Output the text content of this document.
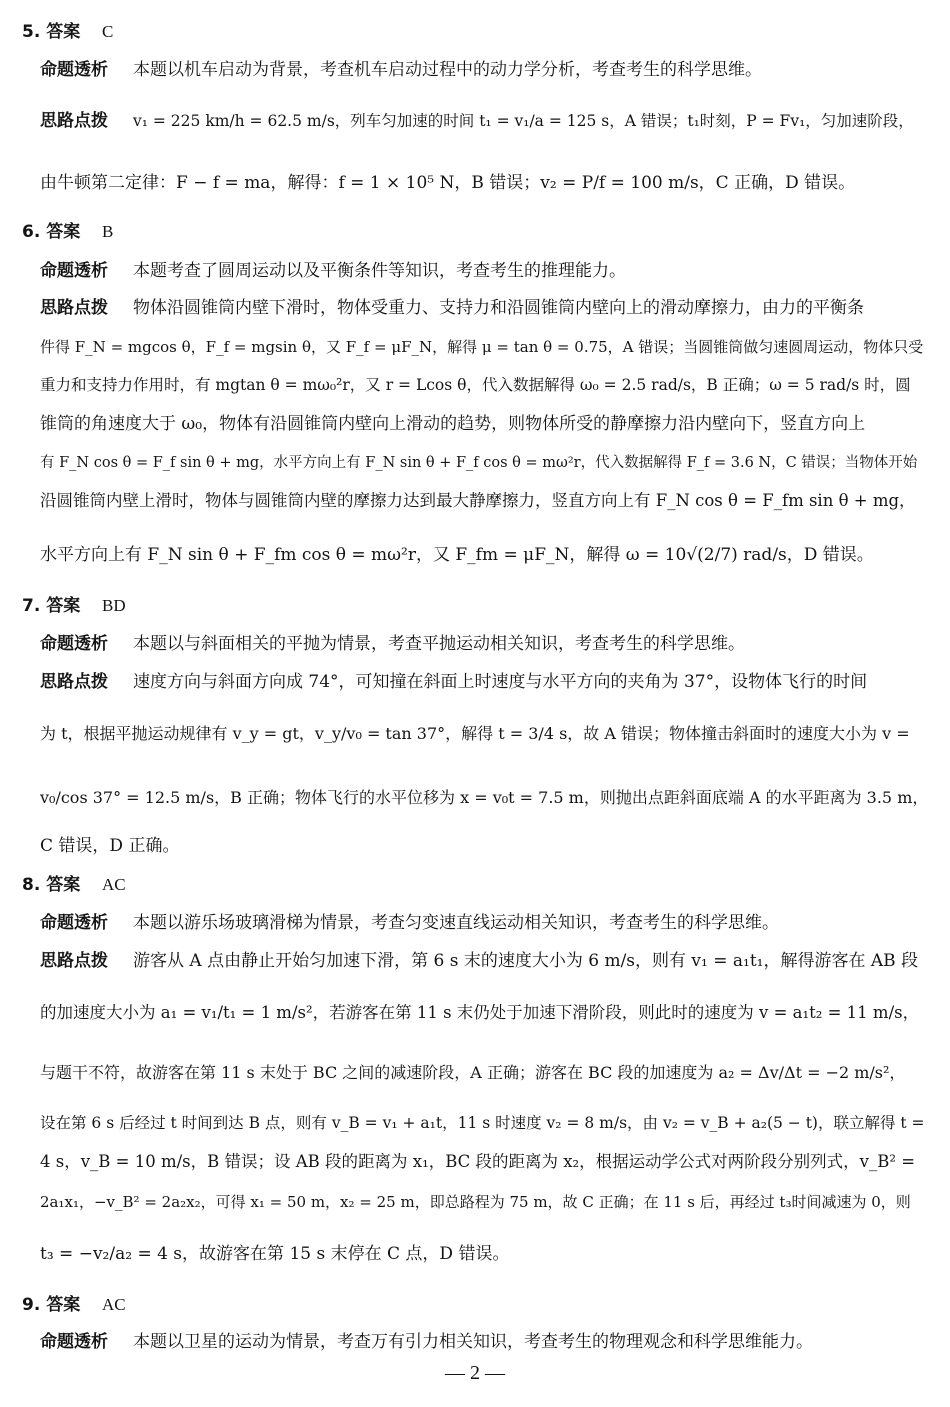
5. 答案 C
命题透析 本题以机车启动为背景，考查机车启动过程中的动力学分析，考查考生的科学思维。
思路点拨 v₁ = 225 km/h = 62.5 m/s，列车匀加速的时间 t₁ = v₁/a = 125 s，A 错误；t₁时刻，P = Fv₁，匀加速阶段，
由牛顿第二定律：F − f = ma，解得：f = 1 × 10⁵ N，B 错误；v₂ = P/f = 100 m/s，C 正确，D 错误。
6. 答案 B
命题透析 本题考查了圆周运动以及平衡条件等知识，考查考生的推理能力。
思路点拨 物体沿圆锥筒内壁下滑时，物体受重力、支持力和沿圆锥筒内壁向上的滑动摩擦力，由力的平衡条
件得 F_N = mgcos θ，F_f = mgsin θ，又 F_f = μF_N，解得 μ = tan θ = 0.75，A 错误；当圆锥筒做匀速圆周运动，物体只受
重力和支持力作用时，有 mgtan θ = mω₀²r，又 r = Lcos θ，代入数据解得 ω₀ = 2.5 rad/s，B 正确；ω = 5 rad/s 时，圆
锥筒的角速度大于 ω₀，物体有沿圆锥筒内壁向上滑动的趋势，则物体所受的静摩擦力沿内壁向下，竖直方向上
有 F_N cos θ = F_f sin θ + mg，水平方向上有 F_N sin θ + F_f cos θ = mω²r，代入数据解得 F_f = 3.6 N，C 错误；当物体开始
沿圆锥筒内壁上滑时，物体与圆锥筒内壁的摩擦力达到最大静摩擦力，竖直方向上有 F_N cos θ = F_fm sin θ + mg，
水平方向上有 F_N sin θ + F_fm cos θ = mω²r，又 F_fm = μF_N，解得 ω = 10√(2/7) rad/s，D 错误。
7. 答案 BD
命题透析 本题以与斜面相关的平抛为情景，考查平抛运动相关知识，考查考生的科学思维。
思路点拨 速度方向与斜面方向成 74°，可知撞在斜面上时速度与水平方向的夹角为 37°，设物体飞行的时间
为 t，根据平抛运动规律有 v_y = gt，v_y/v₀ = tan 37°，解得 t = 3/4 s，故 A 错误；物体撞击斜面时的速度大小为 v =
v₀/cos 37° = 12.5 m/s，B 正确；物体飞行的水平位移为 x = v₀t = 7.5 m，则抛出点距斜面底端 A 的水平距离为 3.5 m，
C 错误，D 正确。
8. 答案 AC
命题透析 本题以游乐场玻璃滑梯为情景，考查匀变速直线运动相关知识，考查考生的科学思维。
思路点拨 游客从 A 点由静止开始匀加速下滑，第 6 s 末的速度大小为 6 m/s，则有 v₁ = a₁t₁，解得游客在 AB 段
的加速度大小为 a₁ = v₁/t₁ = 1 m/s²，若游客在第 11 s 末仍处于加速下滑阶段，则此时的速度为 v = a₁t₂ = 11 m/s，
与题干不符，故游客在第 11 s 末处于 BC 之间的减速阶段，A 正确；游客在 BC 段的加速度为 a₂ = Δv/Δt = −2 m/s²，
设在第 6 s 后经过 t 时间到达 B 点，则有 v_B = v₁ + a₁t，11 s 时速度 v₂ = 8 m/s，由 v₂ = v_B + a₂(5 − t)，联立解得 t =
4 s，v_B = 10 m/s，B 错误；设 AB 段的距离为 x₁，BC 段的距离为 x₂，根据运动学公式对两阶段分别列式，v_B² =
2a₁x₁，−v_B² = 2a₂x₂，可得 x₁ = 50 m，x₂ = 25 m，即总路程为 75 m，故 C 正确；在 11 s 后，再经过 t₃时间减速为 0，则
t₃ = −v₂/a₂ = 4 s，故游客在第 15 s 末停在 C 点，D 错误。
9. 答案 AC
命题透析 本题以卫星的运动为情景，考查万有引力相关知识，考查考生的物理观念和科学思维能力。
— 2 —
